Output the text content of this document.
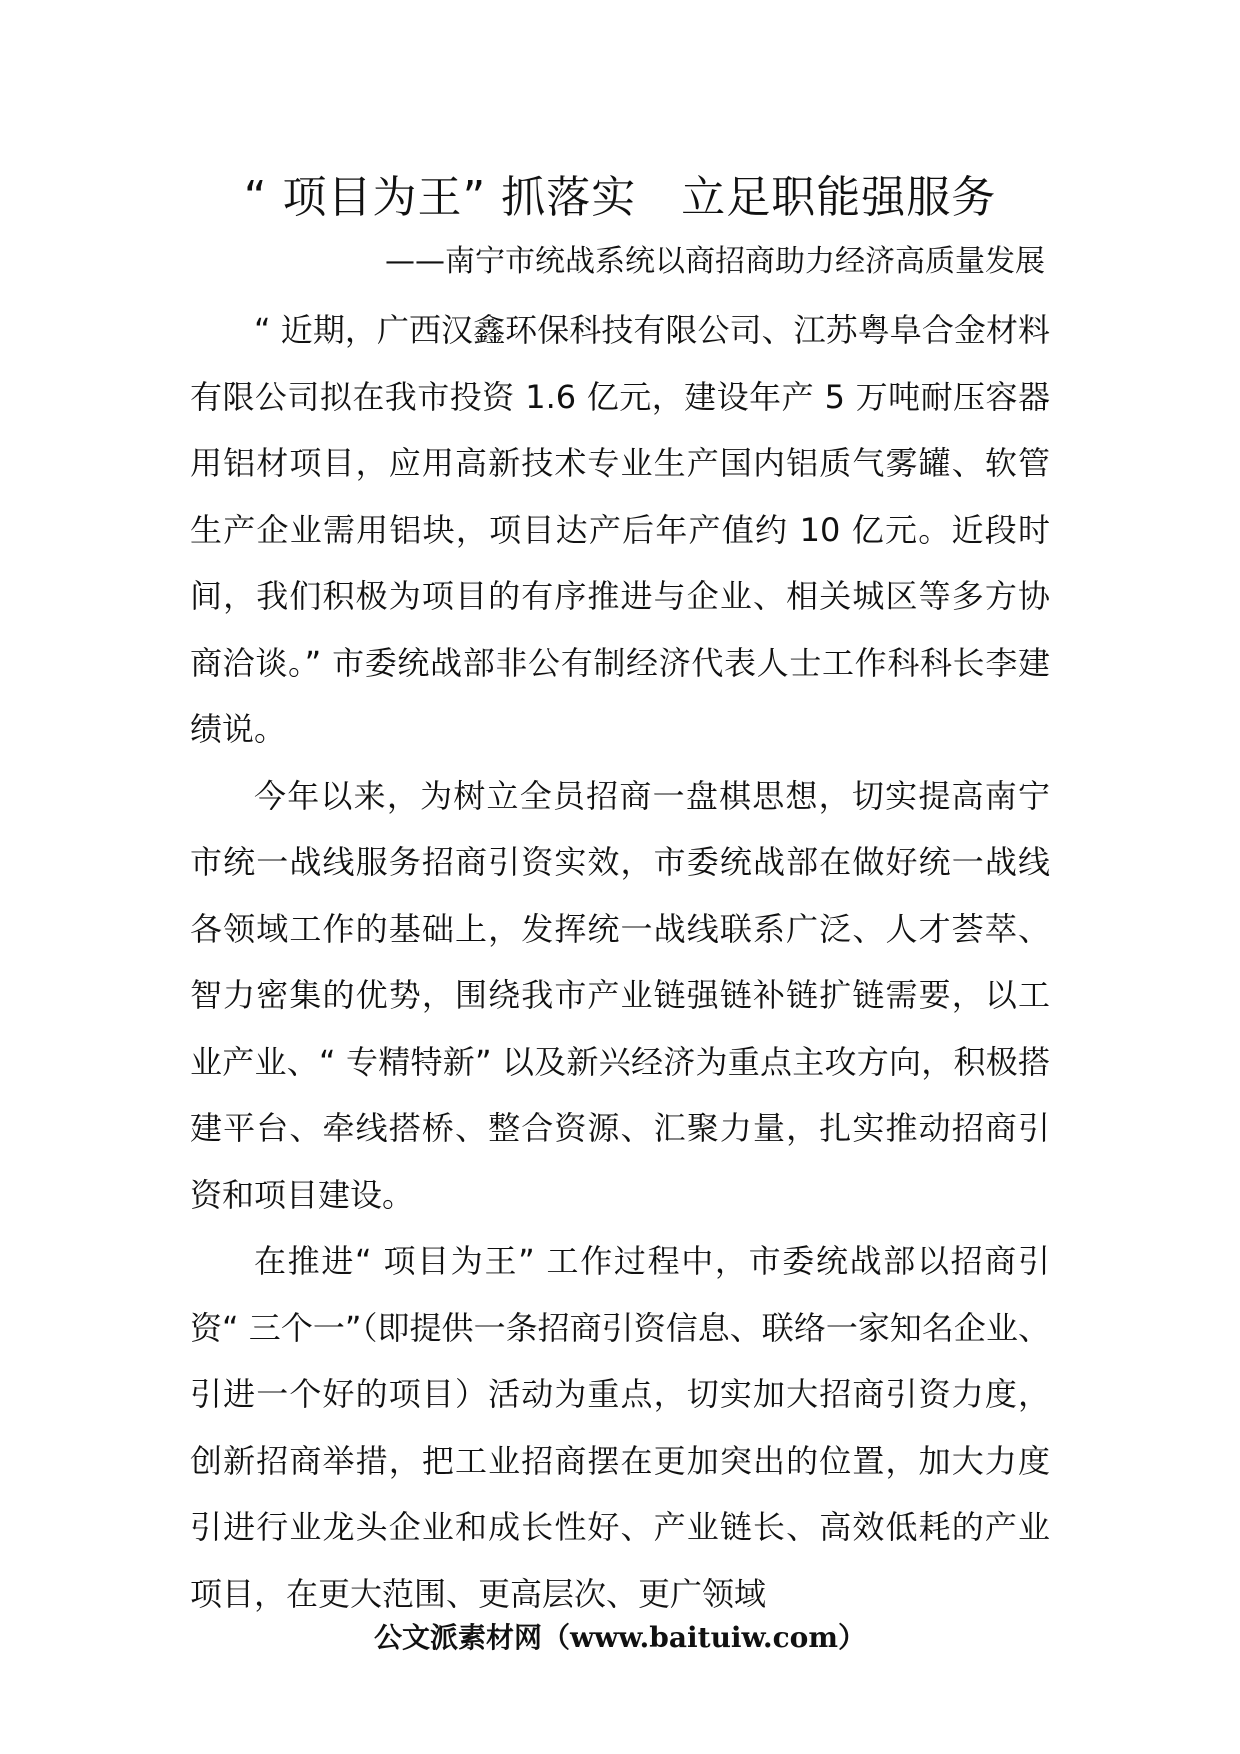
“ 项目为王” 抓落实　立足职能强服务
——南宁市统战系统以商招商助力经济高质量发展

“ 近期，广西汉鑫环保科技有限公司、江苏粤阜合金材料有限公司拟在我市投资 1.6 亿元，建设年产 5 万吨耐压容器用铝材项目，应用高新技术专业生产国内铝质气雾罐、软管生产企业需用铝块，项目达产后年产值约 10 亿元。近段时间，我们积极为项目的有序推进与企业、相关城区等多方协商洽谈。” 市委统战部非公有制经济代表人士工作科科长李建绩说。

今年以来，为树立全员招商一盘棋思想，切实提高南宁市统一战线服务招商引资实效，市委统战部在做好统一战线各领域工作的基础上，发挥统一战线联系广泛、人才荟萃、智力密集的优势，围绕我市产业链强链补链扩链需要，以工业产业、“ 专精特新” 以及新兴经济为重点主攻方向，积极搭建平台、牵线搭桥、整合资源、汇聚力量，扎实推动招商引资和项目建设。

在推进“ 项目为王” 工作过程中，市委统战部以招商引资“ 三个一”（即提供一条招商引资信息、联络一家知名企业、引进一个好的项目）活动为重点，切实加大招商引资力度，创新招商举措，把工业招商摆在更加突出的位置，加大力度引进行业龙头企业和成长性好、产业链长、高效低耗的产业项目，在更大范围、更高层次、更广领域

公文派素材网（www.baituiw.com）
